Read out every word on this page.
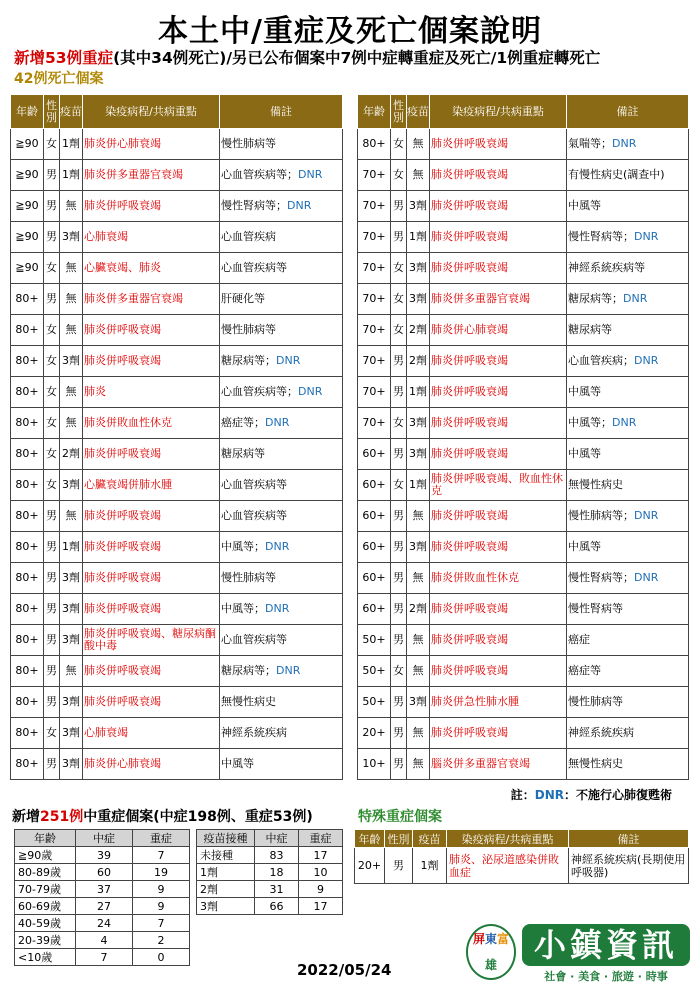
本土中/重症及死亡個案說明
新增53例重症(其中34例死亡)/另已公布個案中7例中症轉重症及死亡/1例重症轉死亡
42例死亡個案
年齡	性別	疫苗	染疫病程/共病重點	備註
≧90	女	1劑	肺炎併心肺衰竭	慢性肺病等
≧90	男	1劑	肺炎併多重器官衰竭	心血管疾病等；DNR
≧90	男	無	肺炎併呼吸衰竭	慢性腎病等；DNR
≧90	男	3劑	心肺衰竭	心血管疾病
≧90	女	無	心臟衰竭、肺炎	心血管疾病等
80+	男	無	肺炎併多重器官衰竭	肝硬化等
80+	女	無	肺炎併呼吸衰竭	慢性肺病等
80+	女	3劑	肺炎併呼吸衰竭	糖尿病等；DNR
80+	女	無	肺炎	心血管疾病等；DNR
80+	女	無	肺炎併敗血性休克	癌症等；DNR
80+	女	2劑	肺炎併呼吸衰竭	糖尿病等
80+	女	3劑	心臟衰竭併肺水腫	心血管疾病等
80+	男	無	肺炎併呼吸衰竭	心血管疾病等
80+	男	1劑	肺炎併呼吸衰竭	中風等；DNR
80+	男	3劑	肺炎併呼吸衰竭	慢性肺病等
80+	男	3劑	肺炎併呼吸衰竭	中風等；DNR
80+	男	3劑	肺炎併呼吸衰竭、糖尿病酮酸中毒	心血管疾病等
80+	男	無	肺炎併呼吸衰竭	糖尿病等；DNR
80+	男	3劑	肺炎併呼吸衰竭	無慢性病史
80+	女	3劑	心肺衰竭	神經系統疾病
80+	男	3劑	肺炎併心肺衰竭	中風等
年齡	性別	疫苗	染疫病程/共病重點	備註
80+	女	無	肺炎併呼吸衰竭	氣喘等；DNR
70+	女	無	肺炎併呼吸衰竭	有慢性病史(調查中)
70+	男	3劑	肺炎併呼吸衰竭	中風等
70+	男	1劑	肺炎併呼吸衰竭	慢性腎病等；DNR
70+	女	3劑	肺炎併呼吸衰竭	神經系統疾病等
70+	女	3劑	肺炎併多重器官衰竭	糖尿病等；DNR
70+	女	2劑	肺炎併心肺衰竭	糖尿病等
70+	男	2劑	肺炎併呼吸衰竭	心血管疾病；DNR
70+	男	1劑	肺炎併呼吸衰竭	中風等
70+	女	3劑	肺炎併呼吸衰竭	中風等；DNR
60+	男	3劑	肺炎併呼吸衰竭	中風等
60+	女	1劑	肺炎併呼吸衰竭、敗血性休克	無慢性病史
60+	男	無	肺炎併呼吸衰竭	慢性肺病等；DNR
60+	男	3劑	肺炎併呼吸衰竭	中風等
60+	男	無	肺炎併敗血性休克	慢性腎病等；DNR
60+	男	2劑	肺炎併呼吸衰竭	慢性腎病等
50+	男	無	肺炎併呼吸衰竭	癌症
50+	女	無	肺炎併呼吸衰竭	癌症等
50+	男	3劑	肺炎併急性肺水腫	慢性肺病等
20+	男	無	肺炎併呼吸衰竭	神經系統疾病
10+	男	無	腦炎併多重器官衰竭	無慢性病史
註：DNR：不施行心肺復甦術
新增251例中重症個案(中症198例、重症53例)	特殊重症個案
年齡	中症	重症
≧90歲	39	7
80-89歲	60	19
70-79歲	37	9
60-69歲	27	9
40-59歲	24	7
20-39歲	4	2
<10歲	7	0
疫苗接種	中症	重症
未接種	83	17
1劑	18	10
2劑	31	9
3劑	66	17
年齡	性別	疫苗	染疫病程/共病重點	備註
20+	男	1劑	肺炎、泌尿道感染併敗血症	神經系統疾病(長期使用呼吸器)
2022/05/24
屏 東 富
雄
小鎮資訊
社會 · 美食 · 旅遊 · 時事
